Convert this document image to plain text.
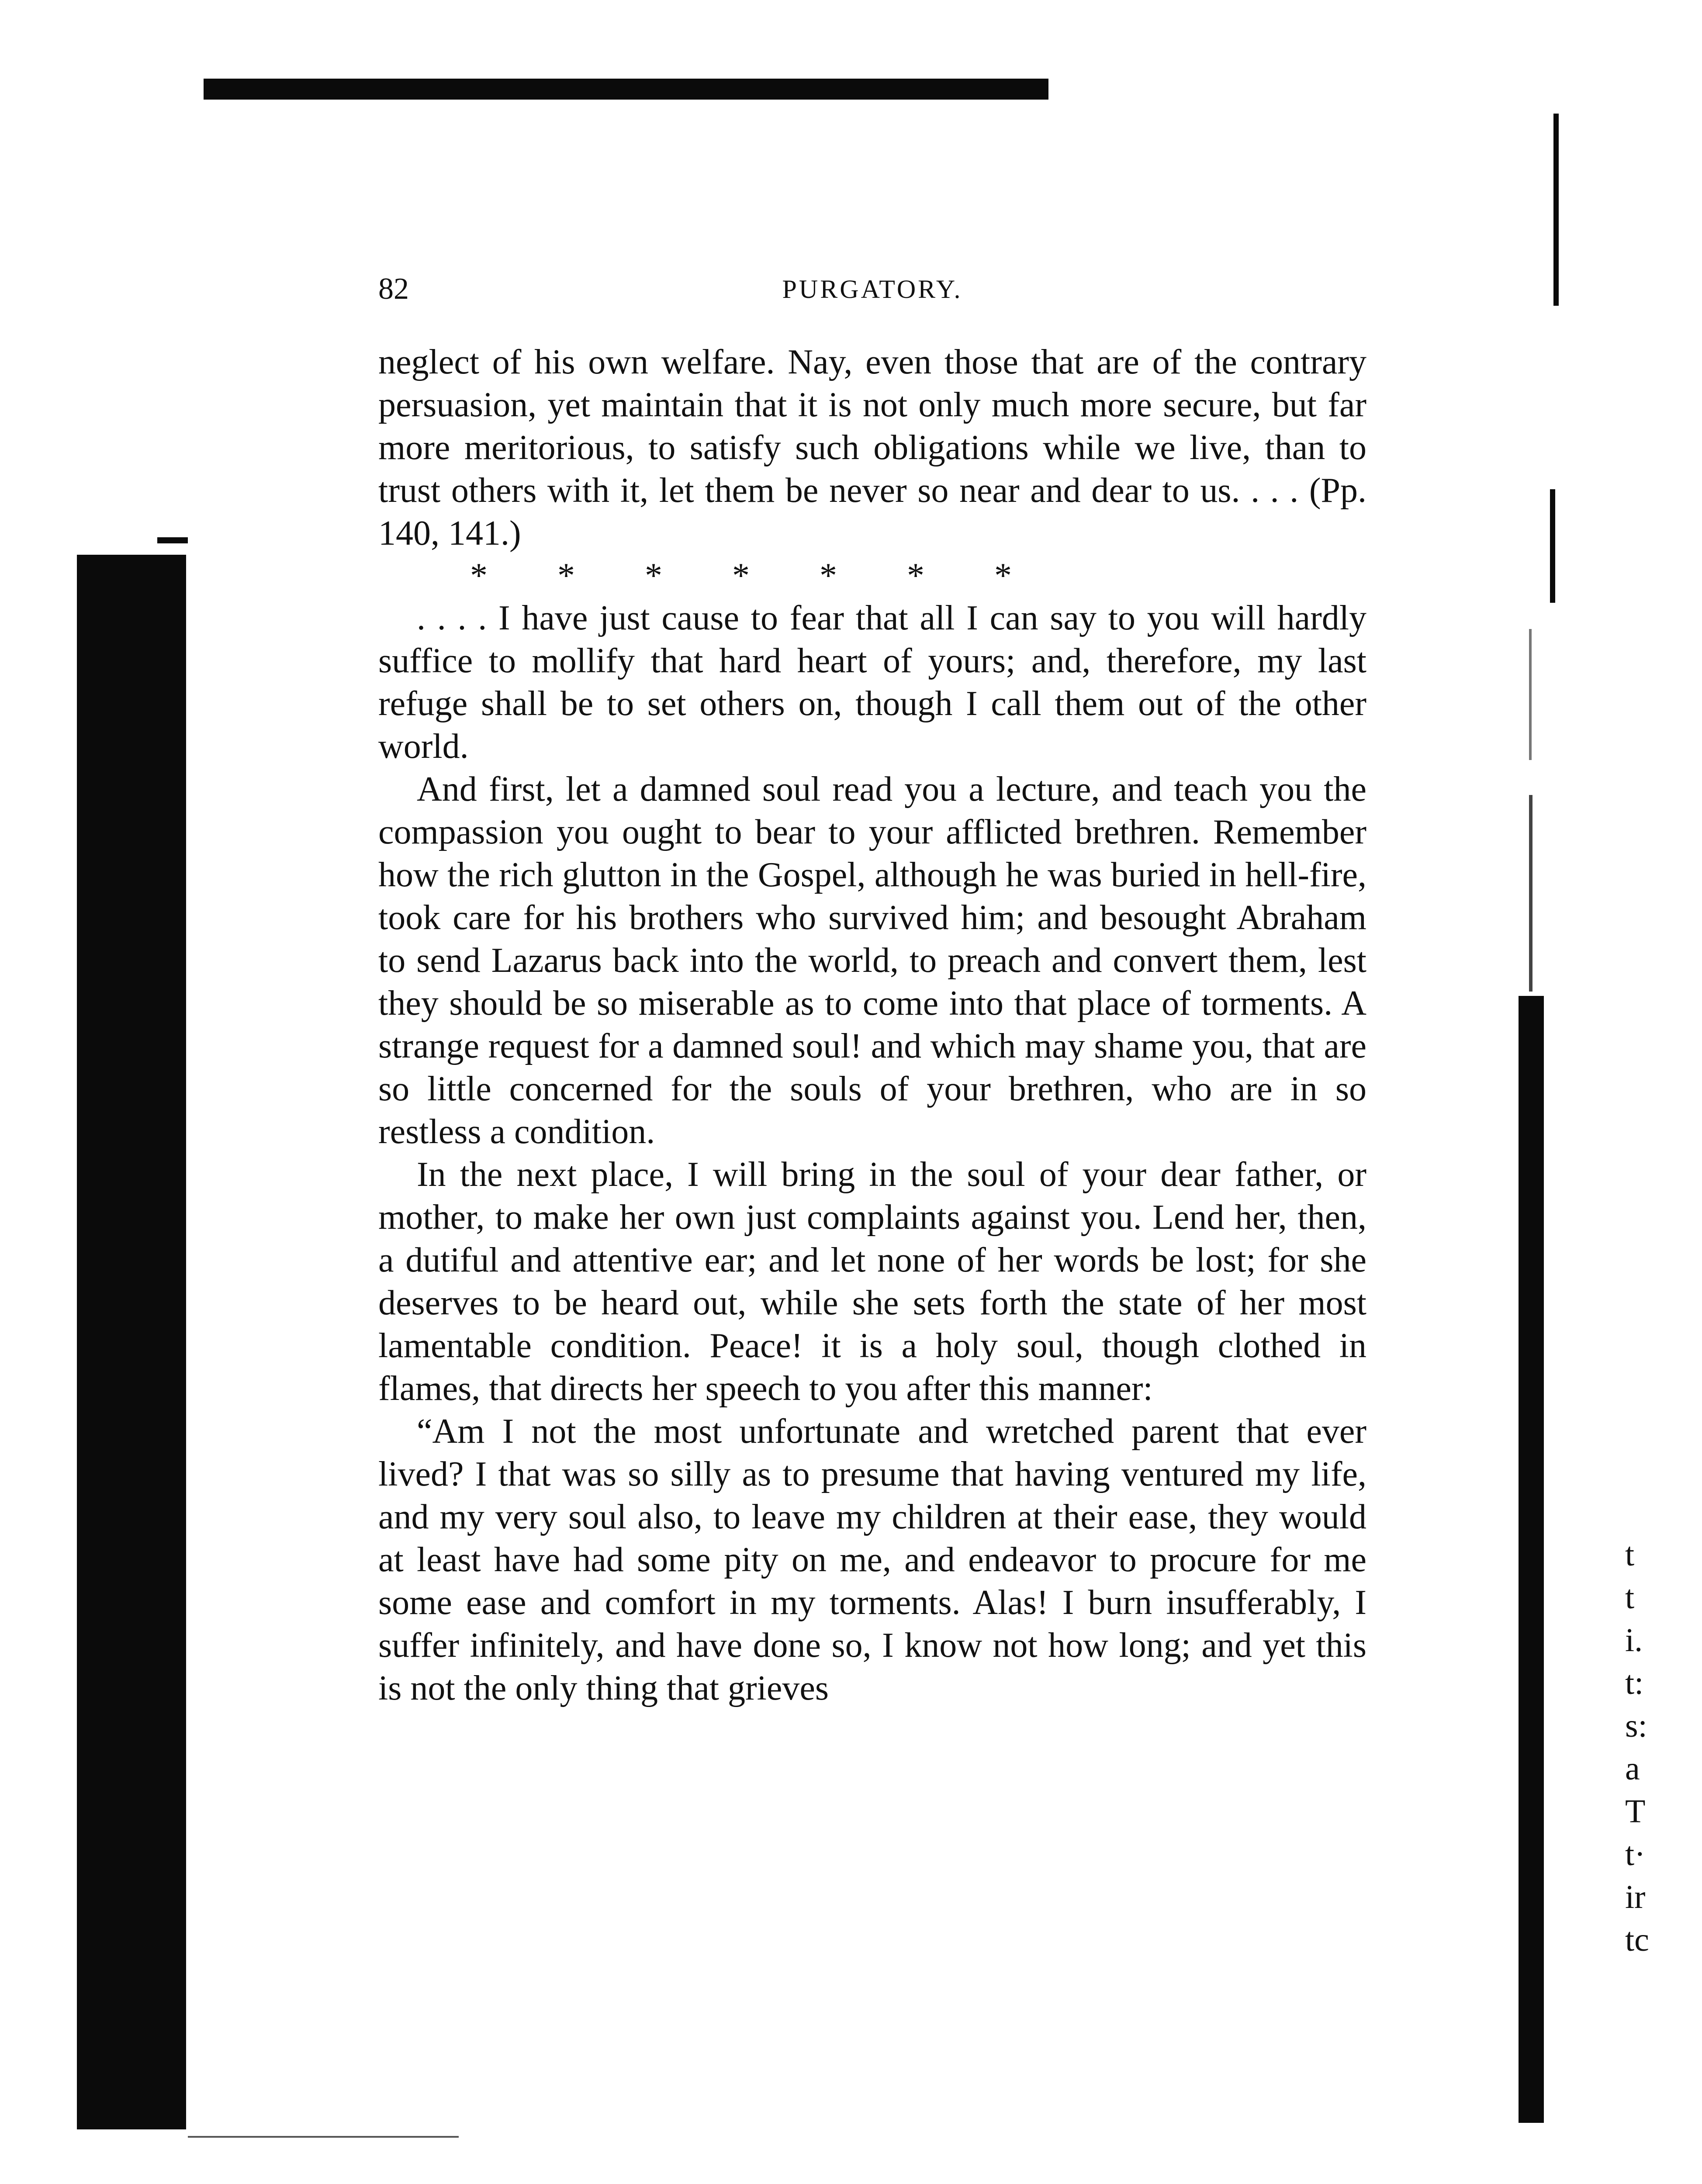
82	PURGATORY.

neglect of his own welfare. Nay, even those that are of the contrary persuasion, yet maintain that it is not only much more secure, but far more meritorious, to satisfy such obligations while we live, than to trust others with it, let them be never so near and dear to us. . . . (Pp. 140, 141.)

* * * * * * *

. . . . I have just cause to fear that all I can say to you will hardly suffice to mollify that hard heart of yours; and, therefore, my last refuge shall be to set others on, though I call them out of the other world.

And first, let a damned soul read you a lecture, and teach you the compassion you ought to bear to your afflicted brethren. Remember how the rich glutton in the Gospel, although he was buried in hell-fire, took care for his brothers who survived him; and besought Abraham to send Lazarus back into the world, to preach and convert them, lest they should be so miserable as to come into that place of torments. A strange request for a damned soul! and which may shame you, that are so little concerned for the souls of your brethren, who are in so restless a condition.

In the next place, I will bring in the soul of your dear father, or mother, to make her own just complaints against you. Lend her, then, a dutiful and attentive ear; and let none of her words be lost; for she deserves to be heard out, while she sets forth the state of her most lamentable condition. Peace! it is a holy soul, though clothed in flames, that directs her speech to you after this manner:

“Am I not the most unfortunate and wretched parent that ever lived? I that was so silly as to presume that having ventured my life, and my very soul also, to leave my children at their ease, they would at least have had some pity on me, and endeavor to procure for me some ease and comfort in my torments. Alas! I burn insufferably, I suffer infinitely, and have done so, I know not how long; and yet this is not the only thing that grieves

t
t
i.
t:
s:
a
T
t·
ir
tc
